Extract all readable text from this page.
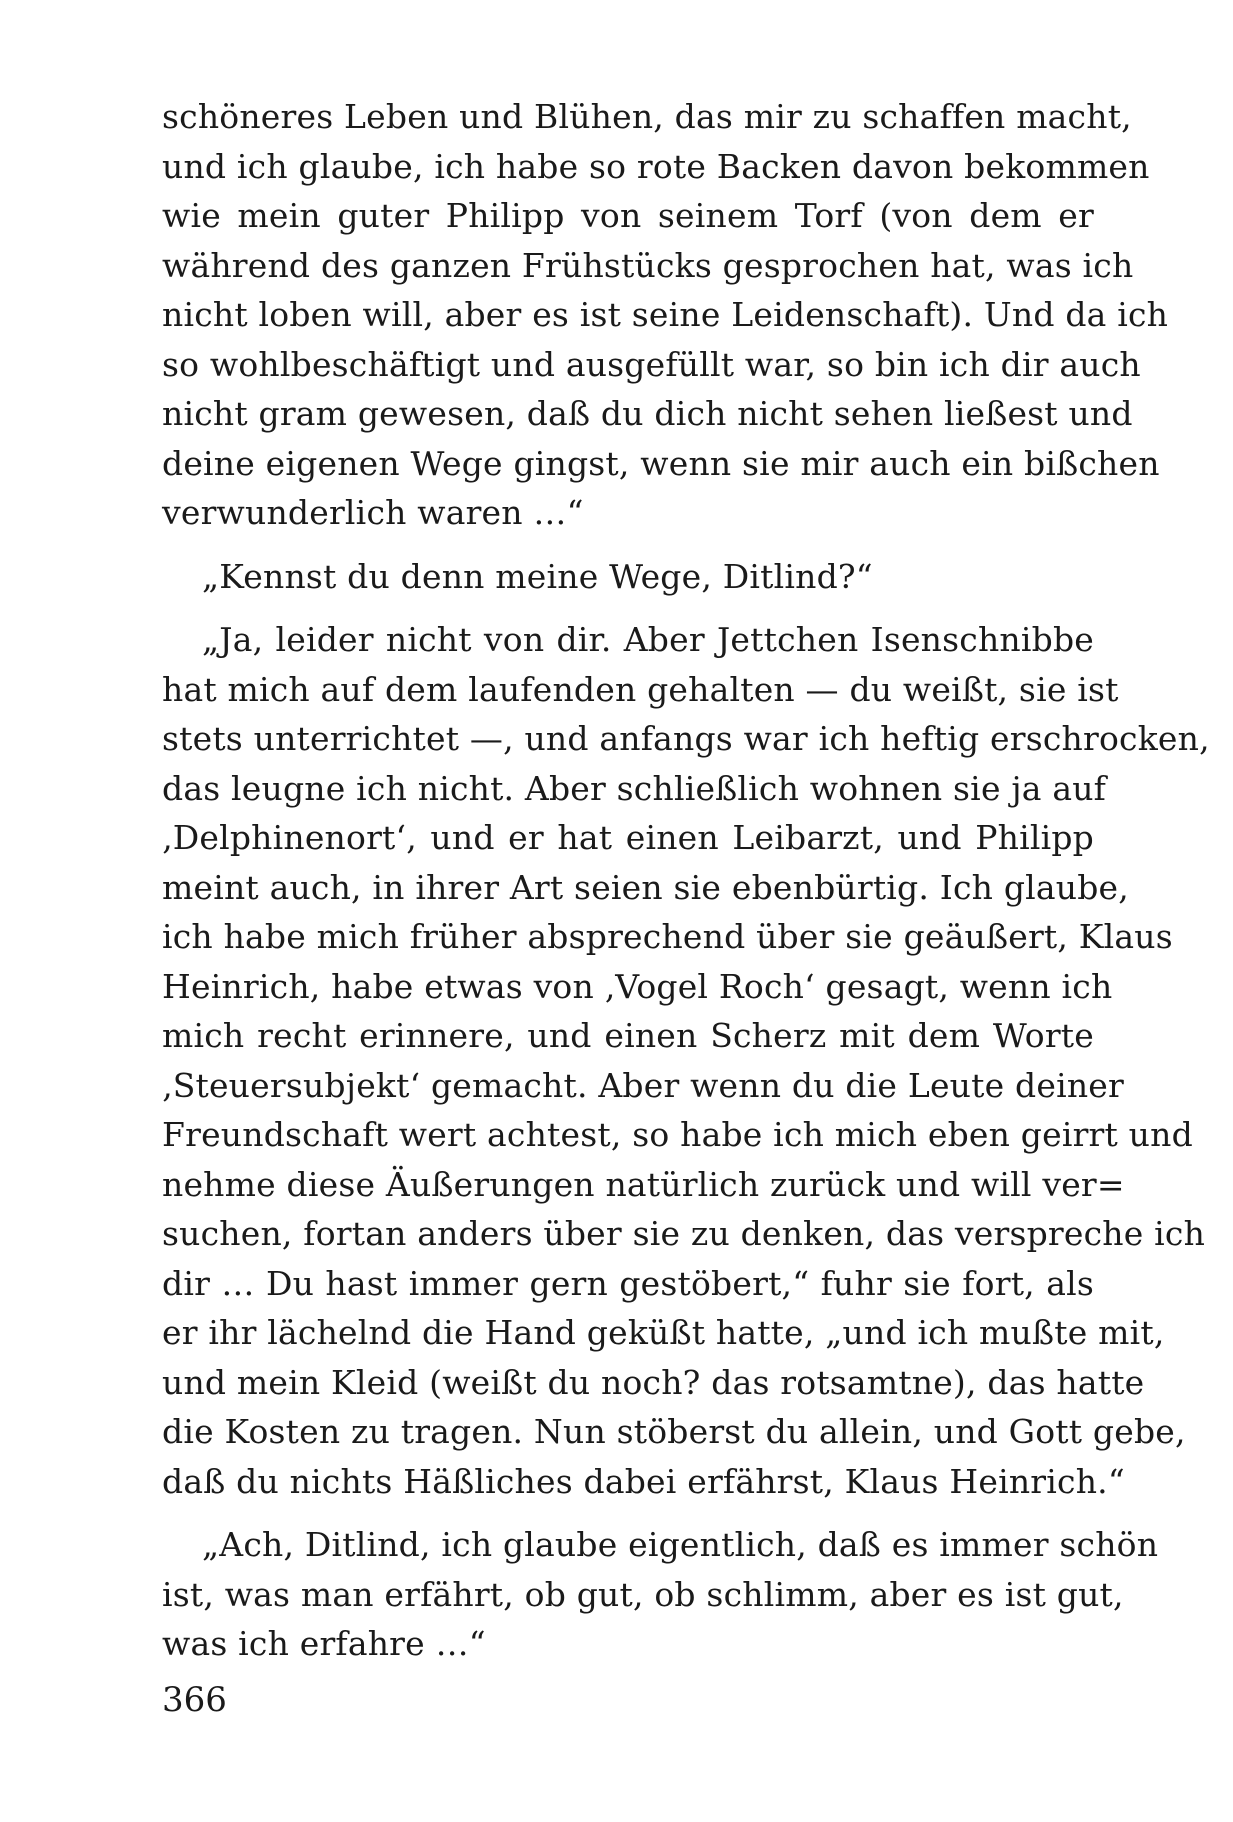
schöneres Leben und Blühen, das mir zu schaffen macht,
und ich glaube, ich habe so rote Backen davon bekommen
wie mein guter Philipp von seinem Torf (von dem er
während des ganzen Frühstücks gesprochen hat, was ich
nicht loben will, aber es ist seine Leidenschaft). Und da ich
so wohlbeschäftigt und ausgefüllt war, so bin ich dir auch
nicht gram gewesen, daß du dich nicht sehen ließest und
deine eigenen Wege gingst, wenn sie mir auch ein bißchen
verwunderlich waren …“
„Kennst du denn meine Wege, Ditlind?“
„Ja, leider nicht von dir. Aber Jettchen Isenschnibbe
hat mich auf dem laufenden gehalten — du weißt, sie ist
stets unterrichtet —, und anfangs war ich heftig erschrocken,
das leugne ich nicht. Aber schließlich wohnen sie ja auf
‚Delphinenort‘, und er hat einen Leibarzt, und Philipp
meint auch, in ihrer Art seien sie ebenbürtig. Ich glaube,
ich habe mich früher absprechend über sie geäußert, Klaus
Heinrich, habe etwas von ‚Vogel Roch‘ gesagt, wenn ich
mich recht erinnere, und einen Scherz mit dem Worte
‚Steuersubjekt‘ gemacht. Aber wenn du die Leute deiner
Freundschaft wert achtest, so habe ich mich eben geirrt und
nehme diese Äußerungen natürlich zurück und will ver=
suchen, fortan anders über sie zu denken, das verspreche ich
dir … Du hast immer gern gestöbert,“ fuhr sie fort, als
er ihr lächelnd die Hand geküßt hatte, „und ich mußte mit,
und mein Kleid (weißt du noch? das rotsamtne), das hatte
die Kosten zu tragen. Nun stöberst du allein, und Gott gebe,
daß du nichts Häßliches dabei erfährst, Klaus Heinrich.“
„Ach, Ditlind, ich glaube eigentlich, daß es immer schön
ist, was man erfährt, ob gut, ob schlimm, aber es ist gut,
was ich erfahre …“
366
